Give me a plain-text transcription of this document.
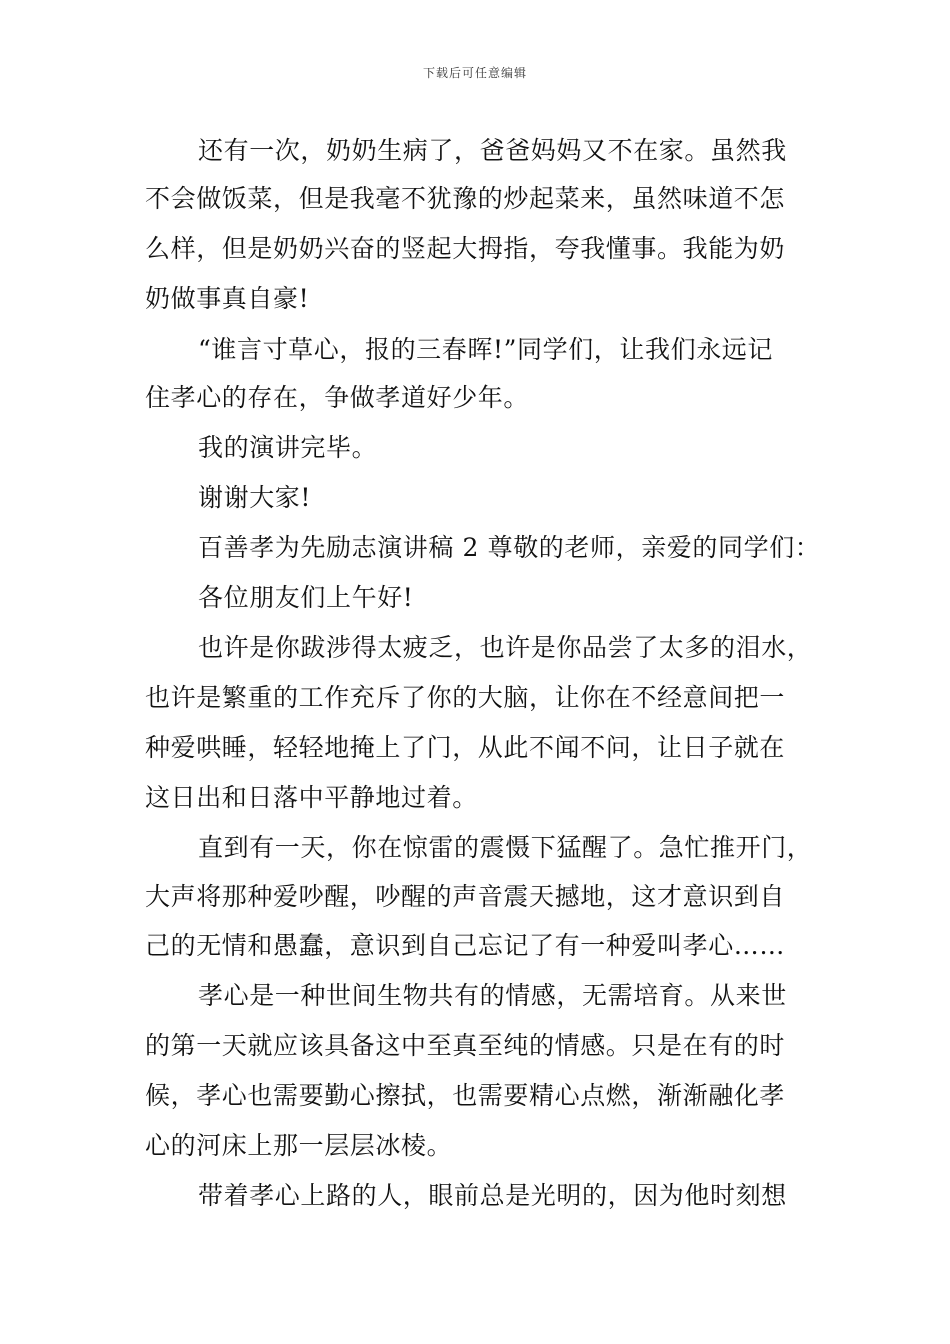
下载后可任意编辑
还有一次，奶奶生病了，爸爸妈妈又不在家。虽然我
不会做饭菜，但是我毫不犹豫的炒起菜来，虽然味道不怎
么样，但是奶奶兴奋的竖起大拇指，夸我懂事。我能为奶
奶做事真自豪!
“谁言寸草心，报的三春晖!”同学们，让我们永远记
住孝心的存在，争做孝道好少年。
我的演讲完毕。
谢谢大家!
百善孝为先励志演讲稿 2 尊敬的老师，亲爱的同学们：
各位朋友们上午好!
也许是你跋涉得太疲乏，也许是你品尝了太多的泪水，
也许是繁重的工作充斥了你的大脑，让你在不经意间把一
种爱哄睡，轻轻地掩上了门，从此不闻不问，让日子就在
这日出和日落中平静地过着。
直到有一天，你在惊雷的震慑下猛醒了。急忙推开门，
大声将那种爱吵醒，吵醒的声音震天撼地，这才意识到自
己的无情和愚蠢，意识到自己忘记了有一种爱叫孝心……
孝心是一种世间生物共有的情感，无需培育。从来世
的第一天就应该具备这中至真至纯的情感。只是在有的时
候，孝心也需要勤心擦拭，也需要精心点燃，渐渐融化孝
心的河床上那一层层冰棱。
带着孝心上路的人，眼前总是光明的，因为他时刻想
